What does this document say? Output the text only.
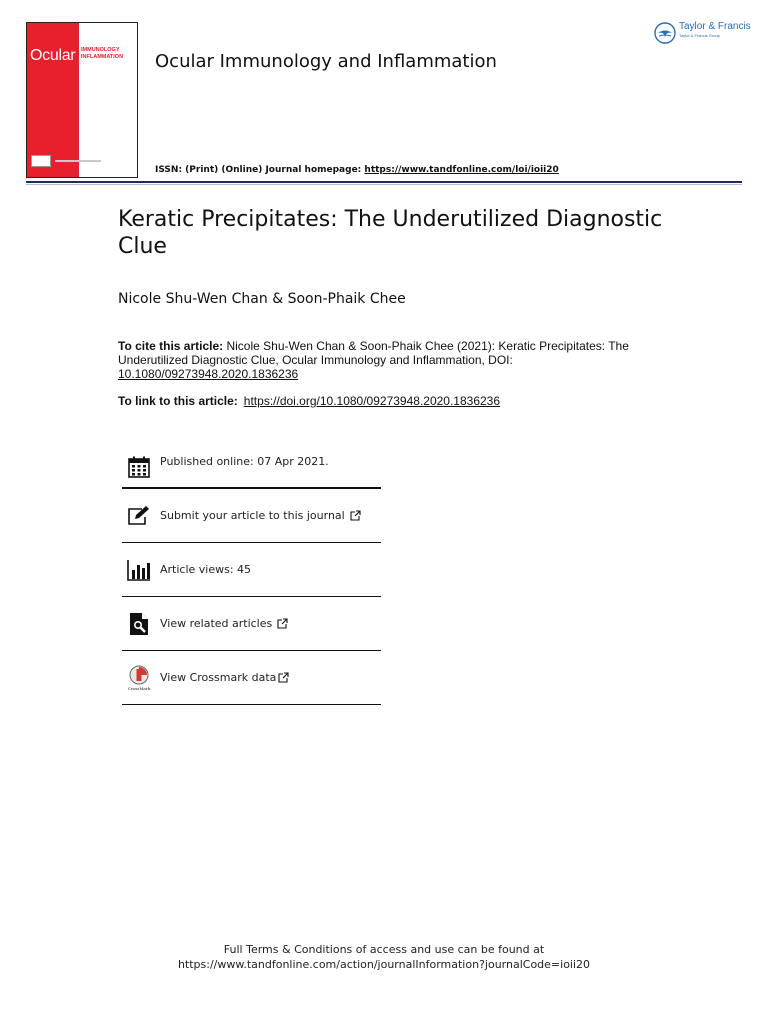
Ocular IMMUNOLOGY
INFLAMMATION Ocular Immunology and Inflammation
Taylor & Francis
Taylor & Francis Group
ISSN: (Print) (Online) Journal homepage: https://www.tandfonline.com/loi/ioii20
Keratic Precipitates: The Underutilized Diagnostic Clue
Nicole Shu-Wen Chan & Soon-Phaik Chee
To cite this article: Nicole Shu-Wen Chan & Soon-Phaik Chee (2021): Keratic Precipitates: The Underutilized Diagnostic Clue, Ocular Immunology and Inflammation, DOI:
10.1080/09273948.2020.1836236
To link to this article: https://doi.org/10.1080/09273948.2020.1836236
Published online: 07 Apr 2021.
Submit your article to this journal
Article views: 45
View related articles
CrossMark
View Crossmark data
Full Terms & Conditions of access and use can be found at
https://www.tandfonline.com/action/journalInformation?journalCode=ioii20
